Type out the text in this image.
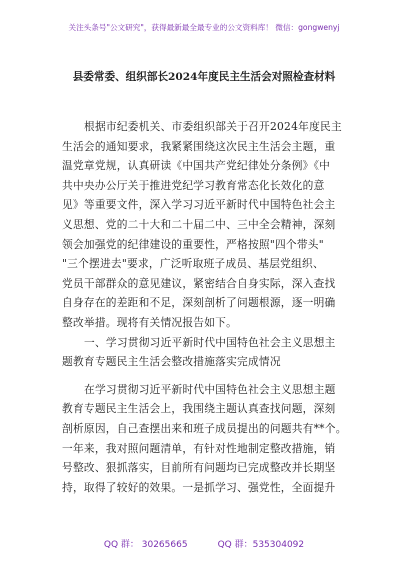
关注头条号"公文研究"，获得最新最全最专业的公文资料库！ 微信：gongwenyj
县委常委、组织部长2024年度民主生活会对照检查材料
根据市纪委机关、市委组织部关于召开2024年度民主
生活会的通知要求，我紧紧围绕这次民主生活会主题，重
温党章党规，认真研读《中国共产党纪律处分条例》《中
共中央办公厅关于推进党纪学习教育常态化长效化的意
见》等重要文件，深入学习习近平新时代中国特色社会主
义思想、党的二十大和二十届二中、三中全会精神，深刻
领会加强党的纪律建设的重要性，严格按照"四个带头"
"三个摆进去"要求，广泛听取班子成员、基层党组织、
党员干部群众的意见建议，紧密结合自身实际，深入查找
自身存在的差距和不足，深刻剖析了问题根源，逐一明确
整改举措。现将有关情况报告如下。
一、学习贯彻习近平新时代中国特色社会主义思想主
题教育专题民主生活会整改措施落实完成情况
在学习贯彻习近平新时代中国特色社会主义思想主题
教育专题民主生活会上，我围绕主题认真查找问题，深刻
剖析原因，自己查摆出来和班子成员提出的问题共有**个。
一年来，我对照问题清单，有针对性地制定整改措施，销
号整改、狠抓落实，目前所有问题均已完成整改并长期坚
持，取得了较好的效果。一是抓学习、强党性，全面提升
QQ 群： 30265665	QQ 群：535304092
